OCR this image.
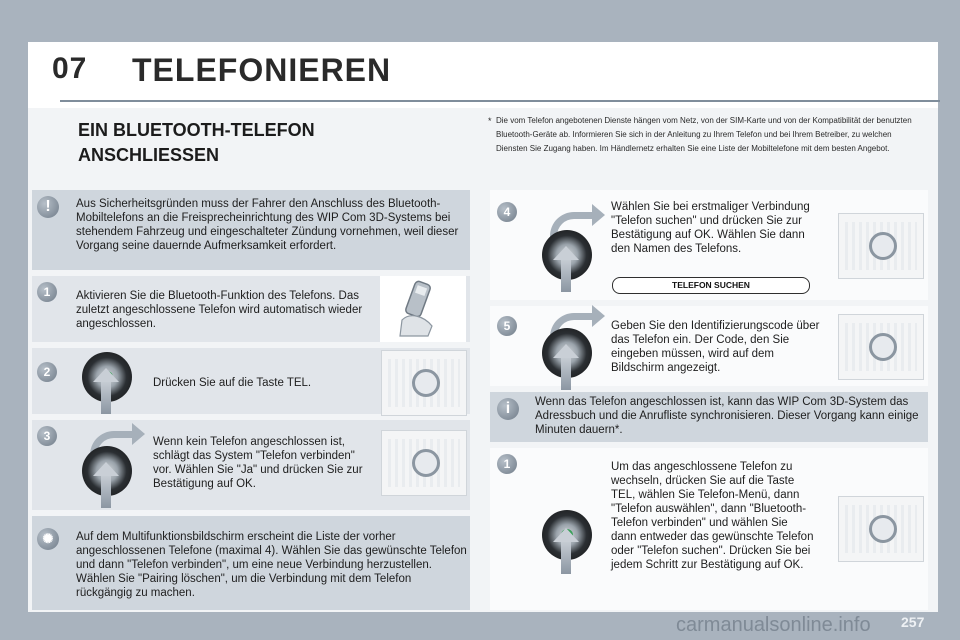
07 TELEFONIEREN
EIN BLUETOOTH-TELEFON ANSCHLIESSEN
* Die vom Telefon angebotenen Dienste hängen vom Netz, von der SIM-Karte und von der Kompatibilität der benutzten Bluetooth-Geräte ab. Informieren Sie sich in der Anleitung zu Ihrem Telefon und bei Ihrem Betreiber, zu welchen Diensten Sie Zugang haben. Im Händlernetz erhalten Sie eine Liste der Mobiltelefone mit dem besten Angebot.
!	Aus Sicherheitsgründen muss der Fahrer den Anschluss des Bluetooth-Mobiltelefons an die Freisprecheinrichtung des WIP Com 3D-Systems bei stehendem Fahrzeug und eingeschalteter Zündung vornehmen, weil dieser Vorgang seine dauernde Aufmerksamkeit erfordert.
1	Aktivieren Sie die Bluetooth-Funktion des Telefons. Das zuletzt angeschlossene Telefon wird automatisch wieder angeschlossen.
2
Drücken Sie auf die Taste TEL.
3	Wenn kein Telefon angeschlossen ist, schlägt das System "Telefon verbinden" vor. Wählen Sie "Ja" und drücken Sie zur Bestätigung auf OK.
✺	Auf dem Multifunktionsbildschirm erscheint die Liste der vorher angeschlossenen Telefone (maximal 4). Wählen Sie das gewünschte Telefon und dann "Telefon verbinden", um eine neue Verbindung herzustellen. Wählen Sie "Pairing löschen", um die Verbindung mit dem Telefon rückgängig zu machen.
4	Wählen Sie bei erstmaliger Verbindung "Telefon suchen" und drücken Sie zur Bestätigung auf OK. Wählen Sie dann den Namen des Telefons.
TELEFON SUCHEN
5	Geben Sie den Identifizierungscode über das Telefon ein. Der Code, den Sie eingeben müssen, wird auf dem Bildschirm angezeigt.
i	Wenn das Telefon angeschlossen ist, kann das WIP Com 3D-System das Adressbuch und die Anrufliste synchronisieren. Dieser Vorgang kann einige Minuten dauern*.
1	Um das angeschlossene Telefon zu wechseln, drücken Sie auf die Taste TEL, wählen Sie Telefon-Menü, dann "Telefon auswählen", dann "Bluetooth-Telefon verbinden" und wählen Sie dann entweder das gewünschte Telefon oder "Telefon suchen". Drücken Sie bei jedem Schritt zur Bestätigung auf OK.
257
carmanualsonline.info
